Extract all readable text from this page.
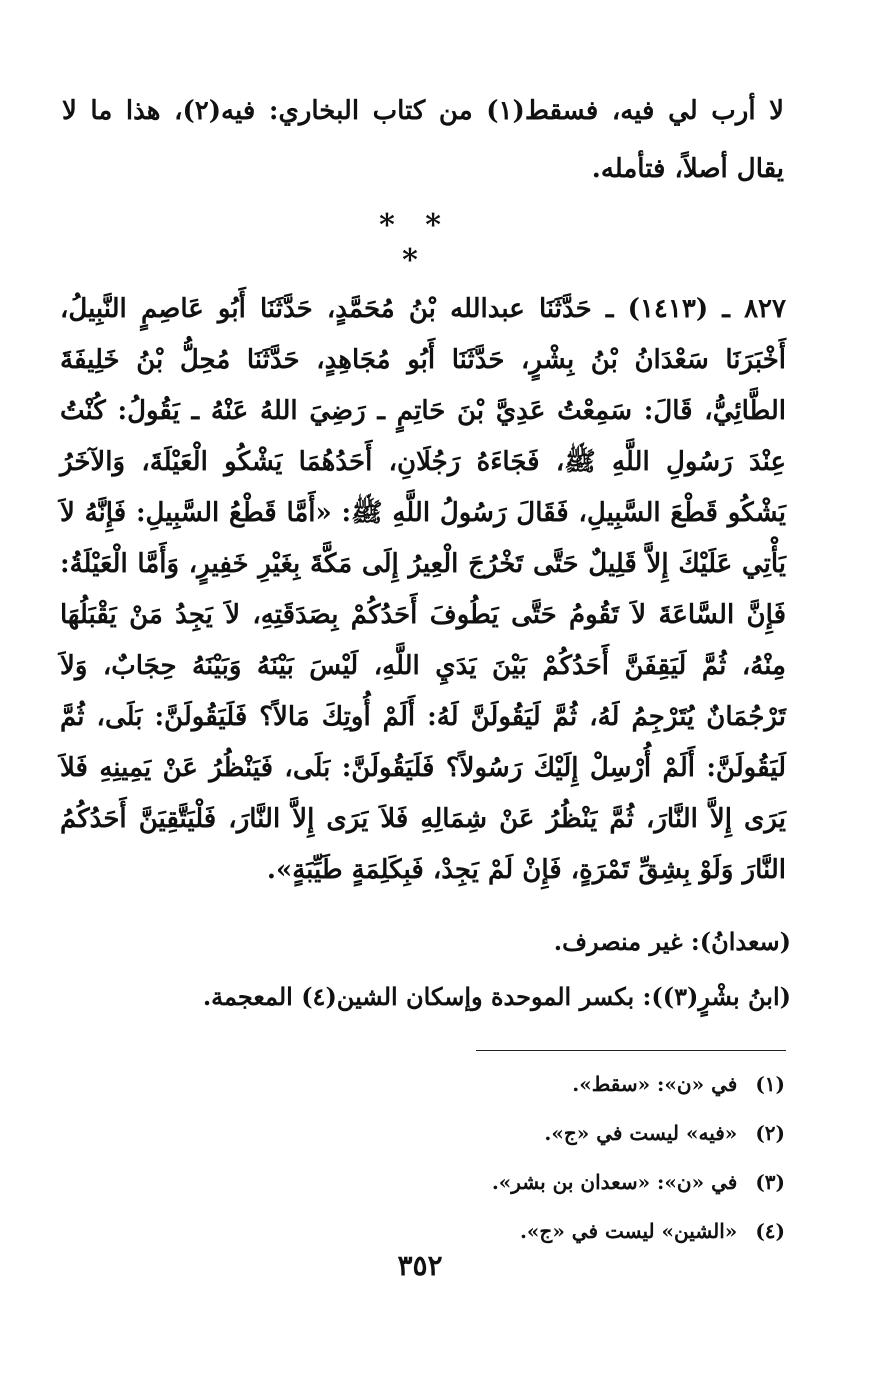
لا أرب لي فيه، فسقط(١) من كتاب البخاري: فيه(٢)، هذا ما لا يقال أصلاً، فتأمله.
* * *
٨٢٧ ـ (١٤١٣) ـ حَدَّثَنَا عبدالله بْنُ مُحَمَّدٍ، حَدَّثَنَا أَبُو عَاصِمٍ النَّبِيلُ، أَخْبَرَنَا سَعْدَانُ بْنُ بِشْرٍ، حَدَّثَنَا أَبُو مُجَاهِدٍ، حَدَّثَنَا مُحِلُّ بْنُ خَلِيفَةَ الطَّائِيُّ، قَالَ: سَمِعْتُ عَدِيَّ بْنَ حَاتِمٍ ـ رَضِيَ اللهُ عَنْهُ ـ يَقُولُ: كُنْتُ عِنْدَ رَسُولِ اللَّهِ ﷺ، فَجَاءَهُ رَجُلَانِ، أَحَدُهُمَا يَشْكُو الْعَيْلَةَ، وَالآخَرُ يَشْكُو قَطْعَ السَّبِيلِ، فَقَالَ رَسُولُ اللَّهِ ﷺ: «أَمَّا قَطْعُ السَّبِيلِ: فَإِنَّهُ لاَ يَأْتِي عَلَيْكَ إِلاَّ قَلِيلٌ حَتَّى تَخْرُجَ الْعِيرُ إِلَى مَكَّةَ بِغَيْرِ خَفِيرٍ، وَأَمَّا الْعَيْلَةُ: فَإِنَّ السَّاعَةَ لاَ تَقُومُ حَتَّى يَطُوفَ أَحَدُكُمْ بِصَدَقَتِهِ، لاَ يَجِدُ مَنْ يَقْبَلُهَا مِنْهُ، ثُمَّ لَيَقِفَنَّ أَحَدُكُمْ بَيْنَ يَدَيِ اللَّهِ، لَيْسَ بَيْنَهُ وَبَيْنَهُ حِجَابٌ، وَلاَ تَرْجُمَانٌ يُتَرْجِمُ لَهُ، ثُمَّ لَيَقُولَنَّ لَهُ: أَلَمْ أُوتِكَ مَالاً؟ فَلَيَقُولَنَّ: بَلَى، ثُمَّ لَيَقُولَنَّ: أَلَمْ أُرْسِلْ إِلَيْكَ رَسُولاً؟ فَلَيَقُولَنَّ: بَلَى، فَيَنْظُرُ عَنْ يَمِينِهِ فَلاَ يَرَى إِلاَّ النَّارَ، ثُمَّ يَنْظُرُ عَنْ شِمَالِهِ فَلاَ يَرَى إِلاَّ النَّارَ، فَلْيَتَّقِيَنَّ أَحَدُكُمُ النَّارَ وَلَوْ بِشِقِّ تَمْرَةٍ، فَإِنْ لَمْ يَجِدْ، فَبِكَلِمَةٍ طَيِّبَةٍ».
(سعدانُ): غير منصرف.
(ابنُ بشْرٍ(٣)): بكسر الموحدة وإسكان الشين(٤) المعجمة.
(١)
في «ن»: «سقط».
(٢)
«فيه» ليست في «ج».
(٣)
في «ن»: «سعدان بن بشر».
(٤)
«الشين» ليست في «ج».
٣٥٢
